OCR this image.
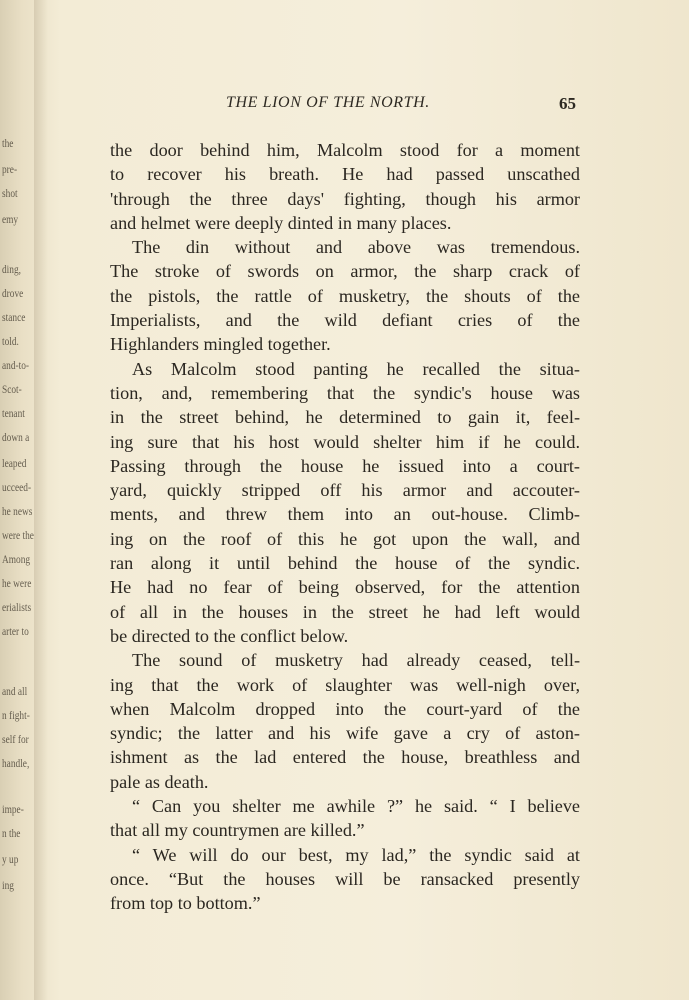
the
pre-
shot
emy
ding,
drove
stance
told.
and-to-
Scot-
tenant
down a
leaped
ucceed-
he news
were the
Among
he were
erialists
arter to
and all
n fight-
self for
handle,
impe-
n the
y up
ing
THE LION OF THE NORTH.	65
the door behind him, Malcolm stood for a moment
to recover his breath. He had passed unscathed
'through the three days' fighting, though his armor
and helmet were deeply dinted in many places.
The din without and above was tremendous.
The stroke of swords on armor, the sharp crack of
the pistols, the rattle of musketry, the shouts of the
Imperialists, and the wild defiant cries of the
Highlanders mingled together.
As Malcolm stood panting he recalled the situa-
tion, and, remembering that the syndic's house was
in the street behind, he determined to gain it, feel-
ing sure that his host would shelter him if he could.
Passing through the house he issued into a court-
yard, quickly stripped off his armor and accouter-
ments, and threw them into an out-house. Climb-
ing on the roof of this he got upon the wall, and
ran along it until behind the house of the syndic.
He had no fear of being observed, for the attention
of all in the houses in the street he had left would
be directed to the conflict below.
The sound of musketry had already ceased, tell-
ing that the work of slaughter was well-nigh over,
when Malcolm dropped into the court-yard of the
syndic; the latter and his wife gave a cry of aston-
ishment as the lad entered the house, breathless and
pale as death.
“ Can you shelter me awhile ?” he said. “ I believe
that all my countrymen are killed.”
“ We will do our best, my lad,” the syndic said at
once. “But the houses will be ransacked presently
from top to bottom.”
